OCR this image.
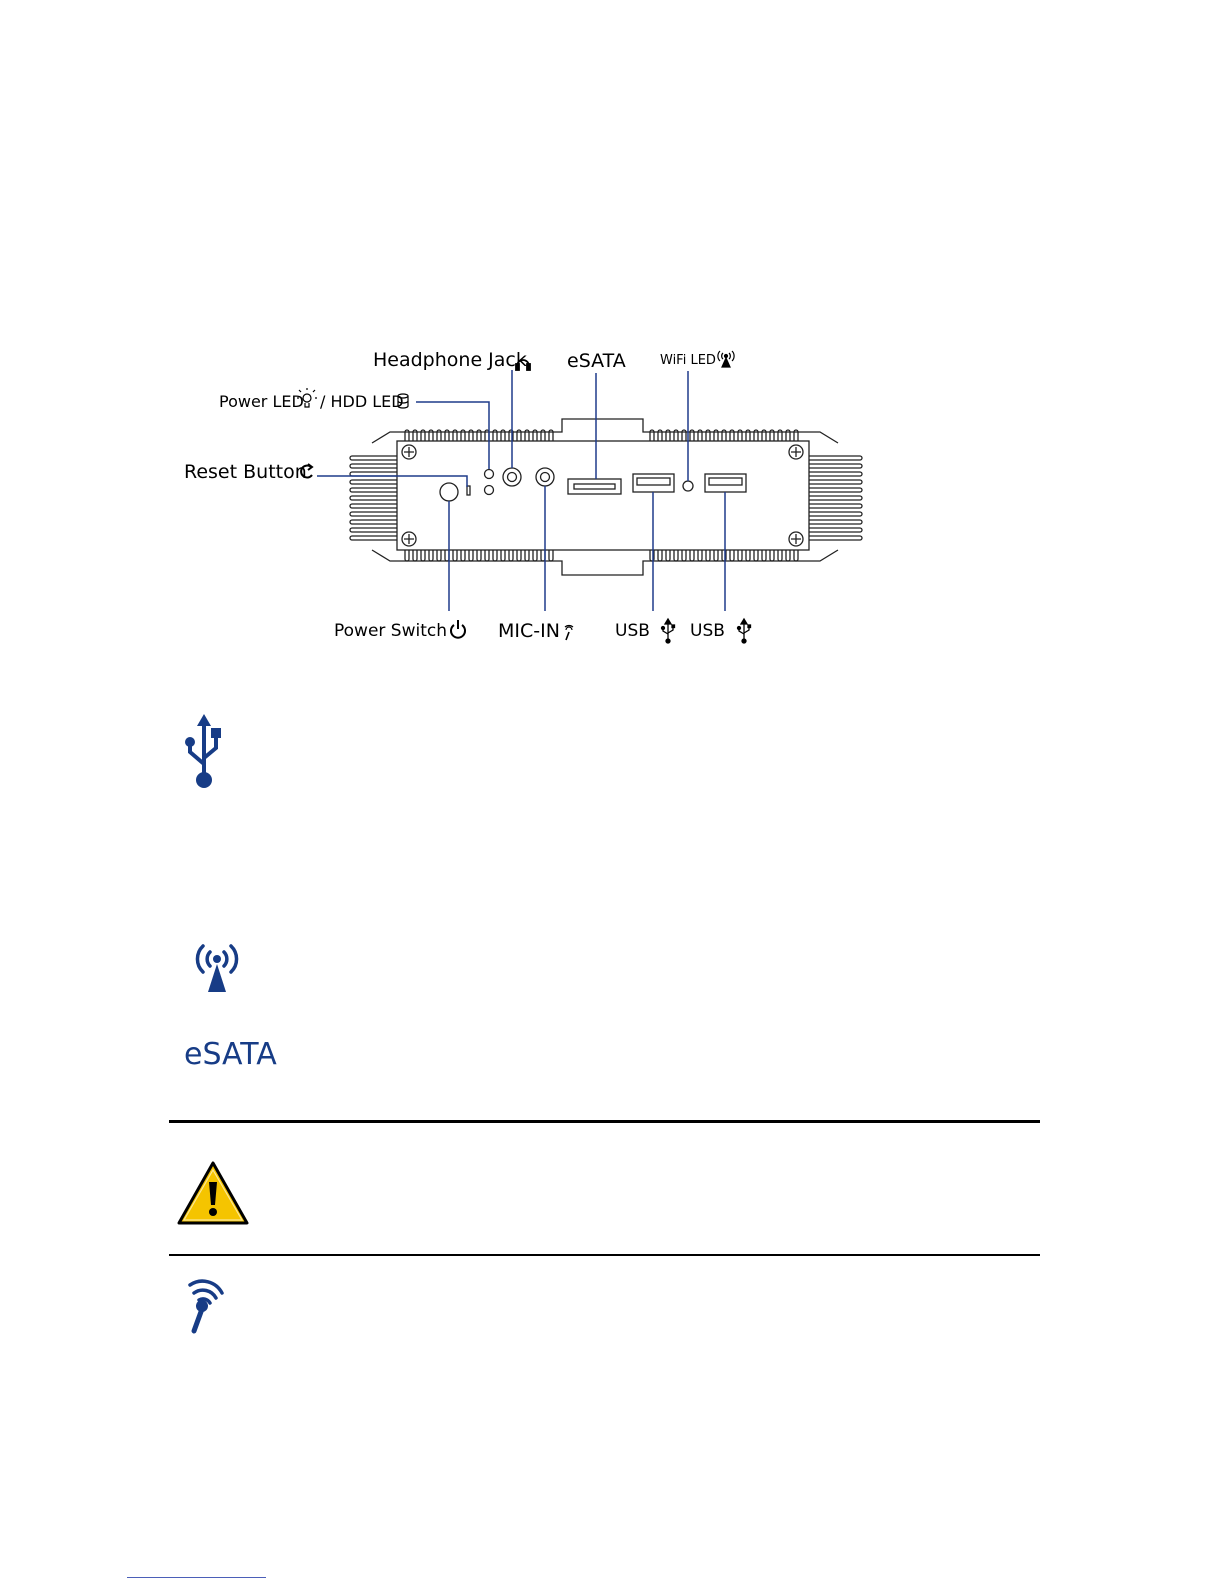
Headphone Jack eSATA	WiFi LED
Power LED / HDD LED
Reset Button
Power Switch	MIC-IN	USB USB
eSATA
